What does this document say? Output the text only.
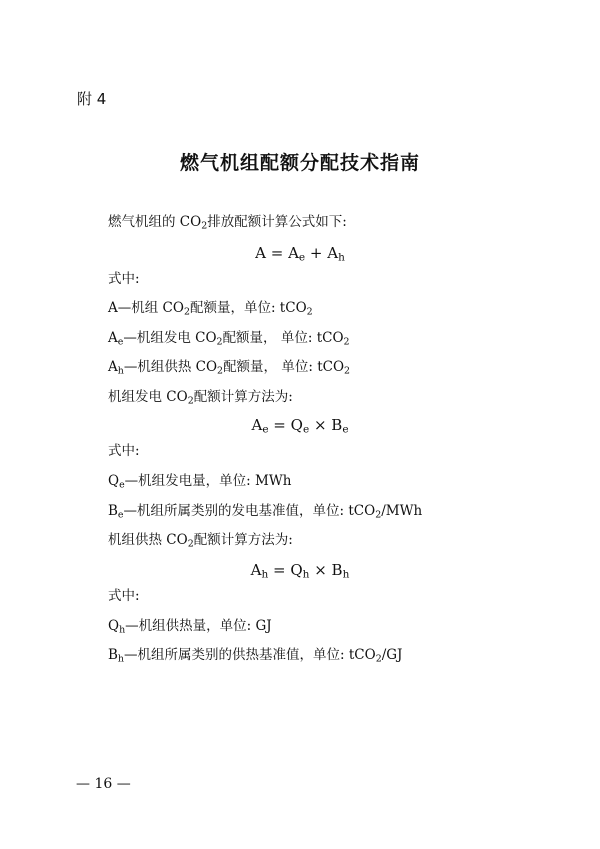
附 4
燃气机组配额分配技术指南
燃气机组的 $CO_2$排放配额计算公式如下:
$A = A_e + A_h$
式中:
A—机组 $CO_2$配额量，单位: tCO$_2$
$A_e—$机组发电 $CO_2$配额量， 单位: tCO$_2$
$A_h—$机组供热 $CO_2$配额量， 单位: tCO$_2$
机组发电 $CO_2$配额计算方法为:
$A_e = Q_e \times B_e$
式中:
$Q_e—$机组发电量，单位: MWh
$B_e—$机组所属类别的发电基准值，单位: tCO$_2$/MWh
机组供热 $CO_2$配额计算方法为:
$A_h = Q_h \times B_h$
式中:
$Q_h—$机组供热量，单位: GJ
$B_h—$机组所属类别的供热基准值，单位: tCO$_2$/GJ
— 16 —
